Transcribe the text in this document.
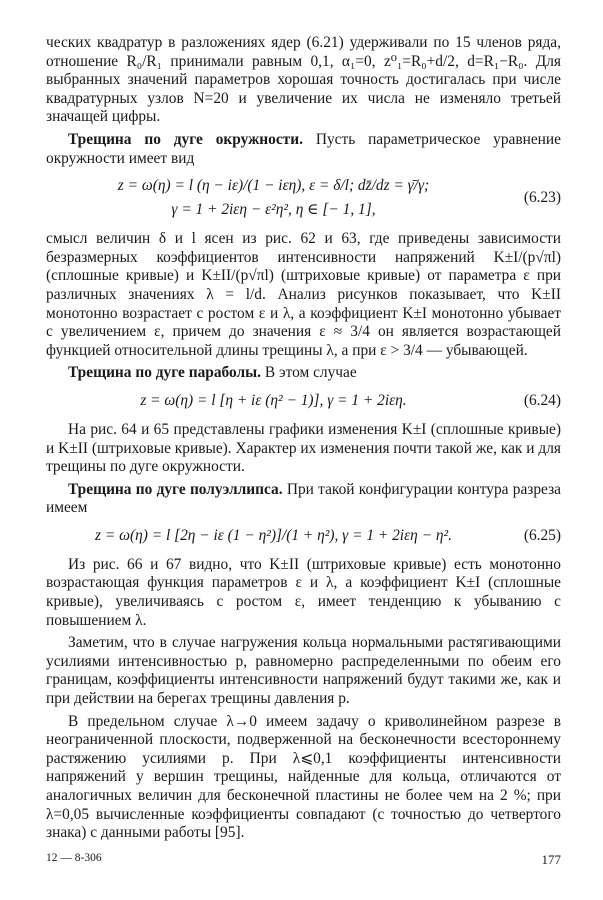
ческих квадратур в разложениях ядер (6.21) удерживали по 15 членов ряда, отношение R₀/R₁ принимали равным 0,1, α₁=0, z⁰₁=R₀+d/2, d=R₁−R₀. Для выбранных значений параметров хорошая точность достигалась при числе квадратурных узлов N=20 и увеличение их числа не изменяло третьей значащей цифры.

Трещина по дуге окружности. Пусть параметрическое уравнение окружности имеет вид

z = ω(η) = l (η − iε)/(1 − iεη), ε = δ/l; dz̄/dz = γ̄/γ;
γ = 1 + 2iεη − ε²η², η ∈ [− 1, 1],
(6.23)

смысл величин δ и l ясен из рис. 62 и 63, где приведены зависимости безразмерных коэффициентов интенсивности напряжений K±I/(p√πl) (сплошные кривые) и K±II/(p√πl) (штриховые кривые) от параметра ε при различных значениях λ = l/d. Анализ рисунков показывает, что K±II монотонно возрастает с ростом ε и λ, а коэффициент K±I монотонно убывает с увеличением ε, причем до значения ε ≈ 3/4 он является возрастающей функцией относительной длины трещины λ, а при ε > 3/4 — убывающей.

Трещина по дуге параболы. В этом случае

z = ω(η) = l [η + iε (η² − 1)], γ = 1 + 2iεη.	(6.24)

На рис. 64 и 65 представлены графики изменения K±I (сплошные кривые) и K±II (штриховые кривые). Характер их изменения почти такой же, как и для трещины по дуге окружности.

Трещина по дуге полуэллипса. При такой конфигурации контура разреза имеем

z = ω(η) = l [2η − iε (1 − η²)]/(1 + η²), γ = 1 + 2iεη − η².	(6.25)

Из рис. 66 и 67 видно, что K±II (штриховые кривые) есть монотонно возрастающая функция параметров ε и λ, а коэффициент K±I (сплошные кривые), увеличиваясь с ростом ε, имеет тенденцию к убыванию с повышением λ.

Заметим, что в случае нагружения кольца нормальными растягивающими усилиями интенсивностью p, равномерно распределенными по обеим его границам, коэффициенты интенсивности напряжений будут такими же, как и при действии на берегах трещины давления p.

В предельном случае λ→0 имеем задачу о криволинейном разрезе в неограниченной плоскости, подверженной на бесконечности всестороннему растяжению усилиями p. При λ⩽0,1 коэффициенты интенсивности напряжений у вершин трещины, найденные для кольца, отличаются от аналогичных величин для бесконечной пластины не более чем на 2 %; при λ=0,05 вычисленные коэффициенты совпадают (с точностью до четвертого знака) с данными работы [95].

12 — 8-306	177
